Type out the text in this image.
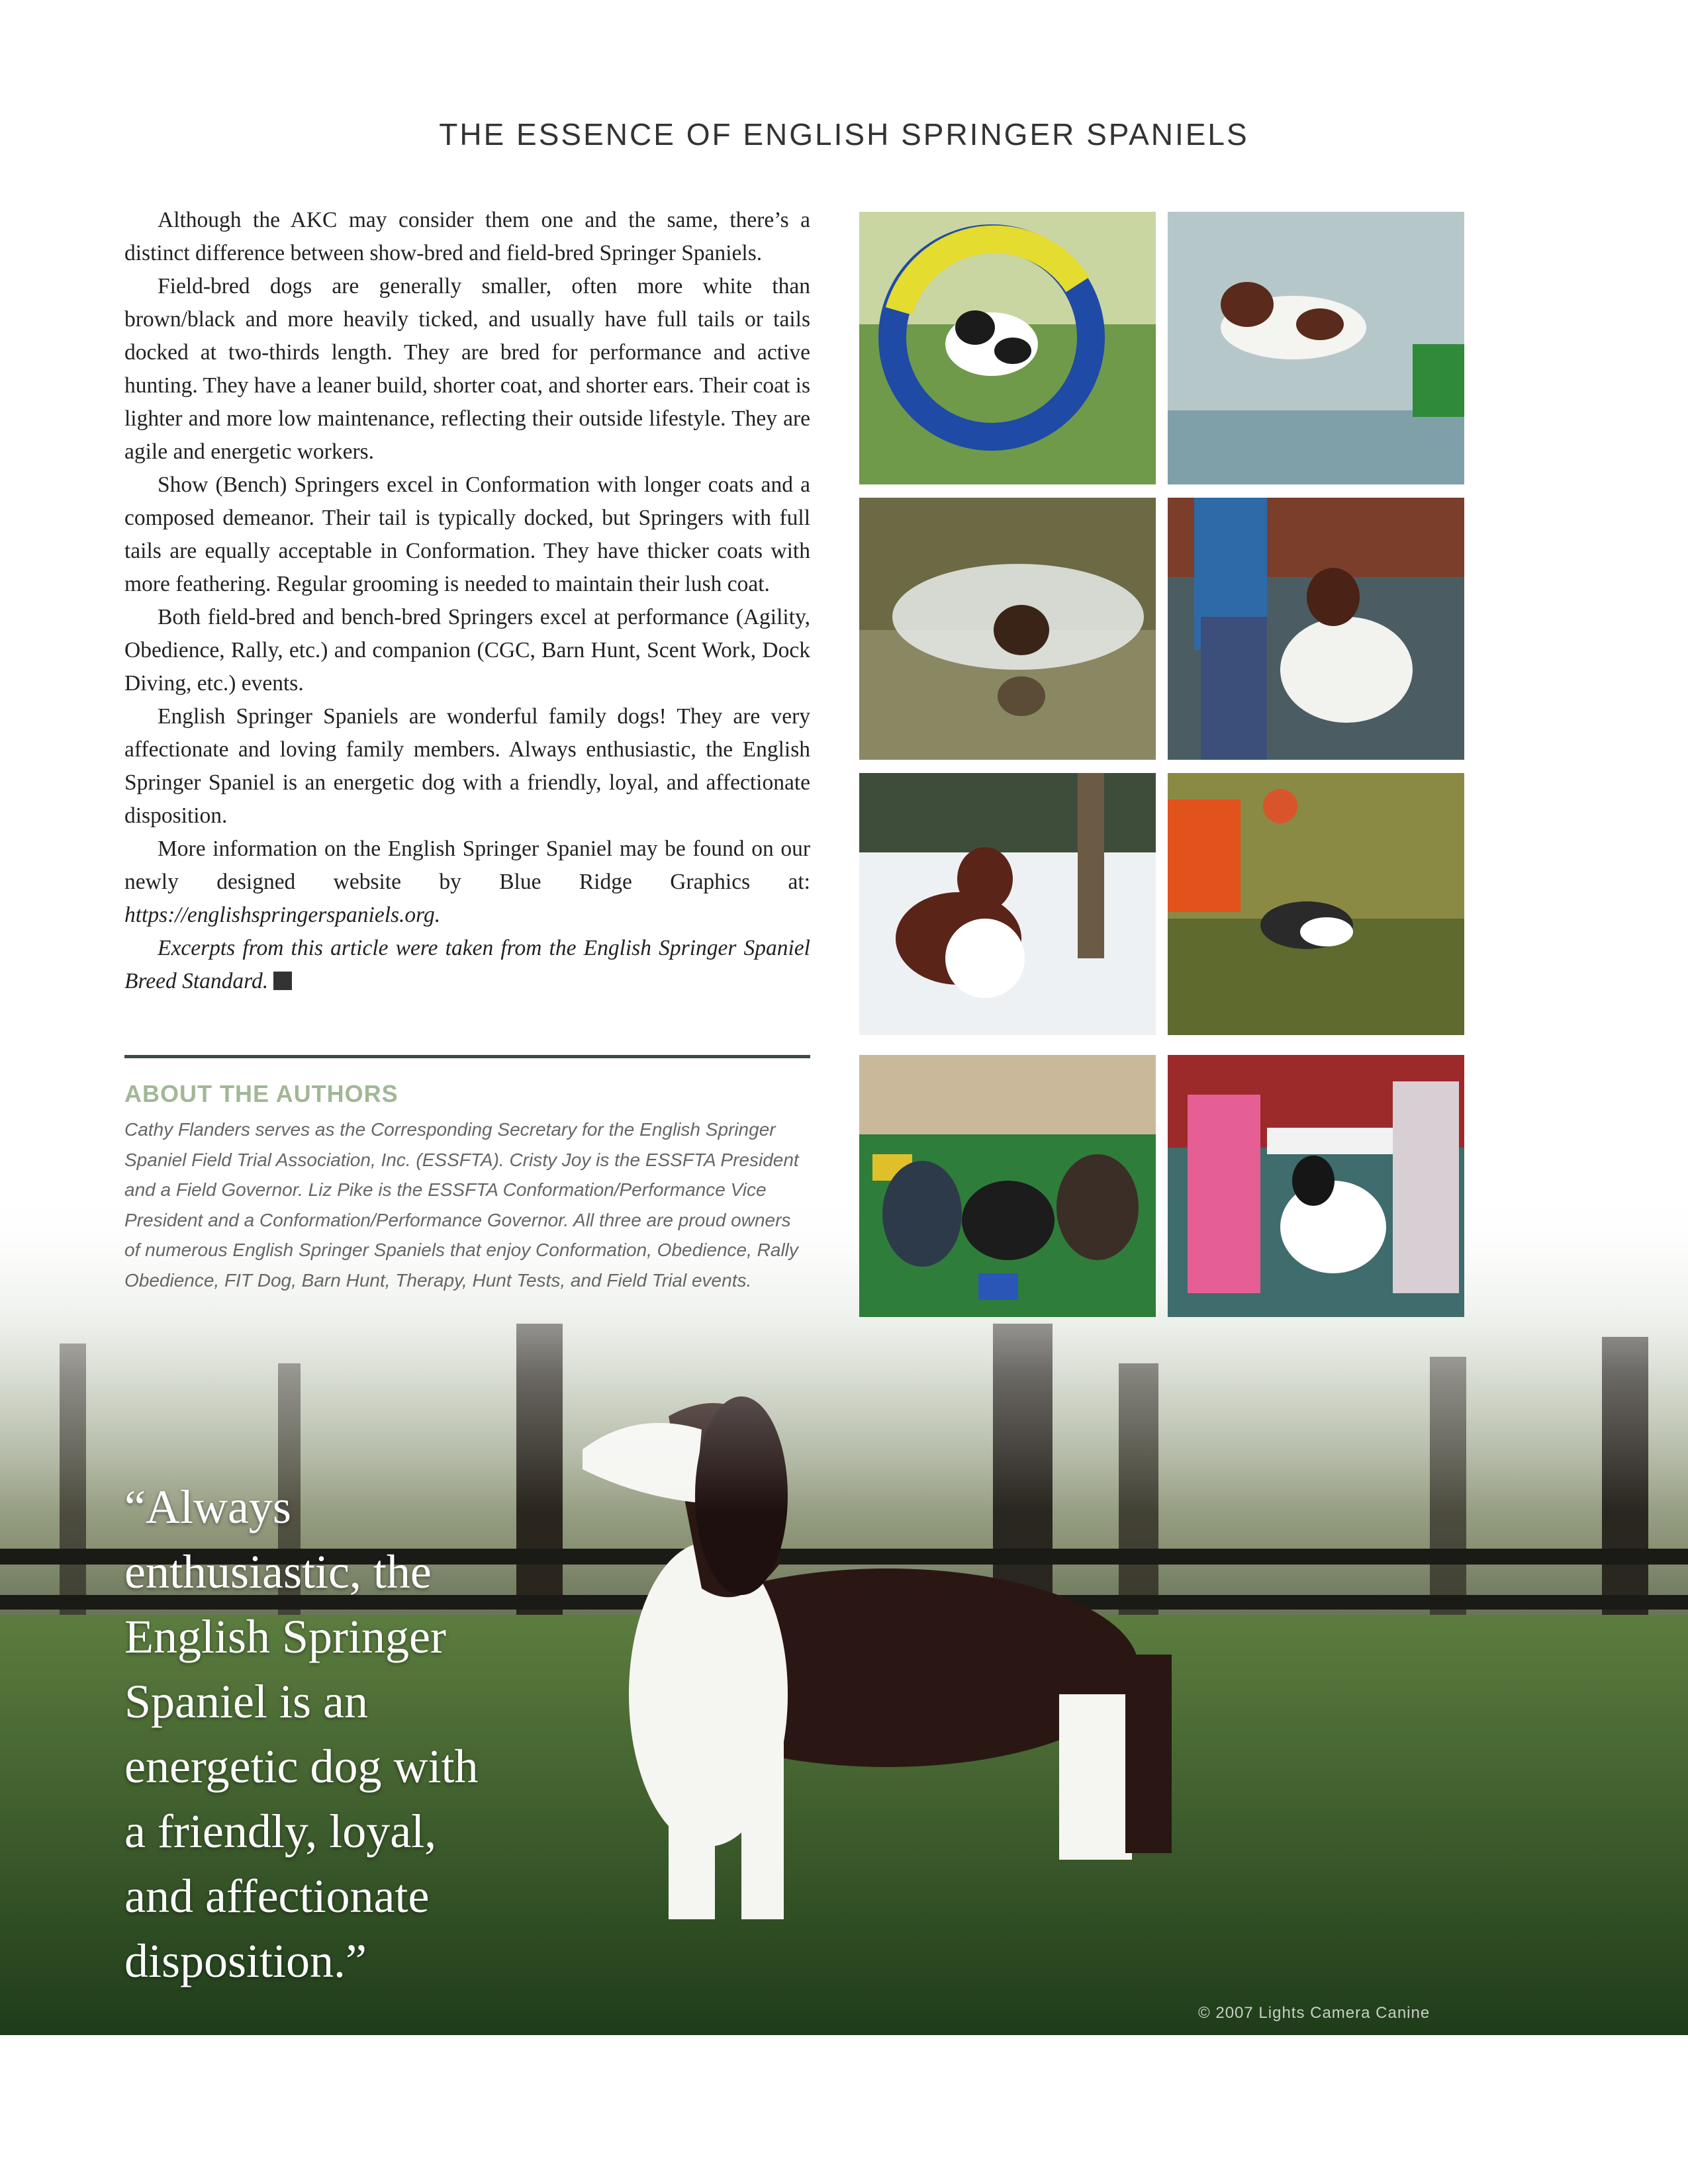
THE ESSENCE OF ENGLISH SPRINGER SPANIELS

Although the AKC may consider them one and the same, there’s a distinct difference between show-bred and field-bred Springer Spaniels.

Field-bred dogs are generally smaller, often more white than brown/black and more heavily ticked, and usually have full tails or tails docked at two-thirds length. They are bred for performance and active hunting. They have a leaner build, shorter coat, and shorter ears. Their coat is lighter and more low maintenance, reflecting their outside lifestyle. They are agile and energetic workers.

Show (Bench) Springers excel in Conformation with longer coats and a composed demeanor. Their tail is typically docked, but Springers with full tails are equally acceptable in Conformation. They have thicker coats with more feathering. Regular grooming is needed to maintain their lush coat.

Both field-bred and bench-bred Springers excel at performance (Agility, Obedience, Rally, etc.) and companion (CGC, Barn Hunt, Scent Work, Dock Diving, etc.) events.

English Springer Spaniels are wonderful family dogs! They are very affectionate and loving family members. Always enthusiastic, the English Springer Spaniel is an energetic dog with a friendly, loyal, and affectionate disposition.

More information on the English Springer Spaniel may be found on our newly designed website by Blue Ridge Graphics at: https://englishspringerspaniels.org.

Excerpts from this article were taken from the English Springer Spaniel Breed Standard.

ABOUT THE AUTHORS
Cathy Flanders serves as the Corresponding Secretary for the English Springer Spaniel Field Trial Association, Inc. (ESSFTA). Cristy Joy is the ESSFTA President and a Field Governor. Liz Pike is the ESSFTA Conformation/Performance Vice President and a Conformation/Performance Governor. All three are proud owners of numerous English Springer Spaniels that enjoy Conformation, Obedience, Rally Obedience, FIT Dog, Barn Hunt, Therapy, Hunt Tests, and Field Trial events.
“Always
enthusiastic, the
English Springer
Spaniel is an
energetic dog with
a friendly, loyal,
and affectionate
disposition.”
© 2007 Lights Camera Canine
